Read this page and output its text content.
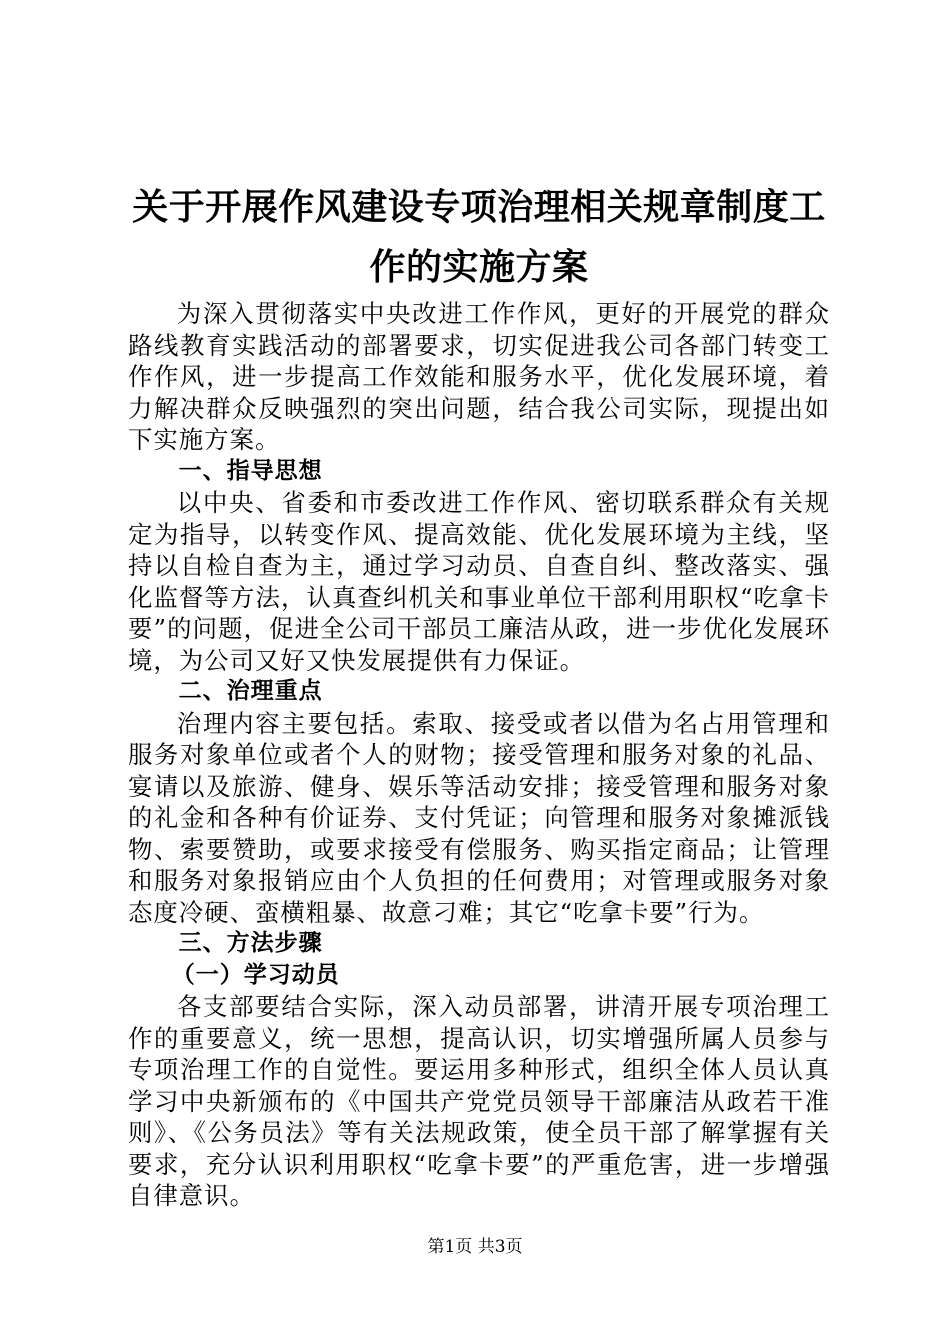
关于开展作风建设专项治理相关规章制度工作的实施方案

为深入贯彻落实中央改进工作作风，更好的开展党的群众路线教育实践活动的部署要求，切实促进我公司各部门转变工作作风，进一步提高工作效能和服务水平，优化发展环境，着力解决群众反映强烈的突出问题，结合我公司实际，现提出如下实施方案。

一、指导思想

以中央、省委和市委改进工作作风、密切联系群众有关规定为指导，以转变作风、提高效能、优化发展环境为主线，坚持以自检自查为主，通过学习动员、自查自纠、整改落实、强化监督等方法，认真查纠机关和事业单位干部利用职权“吃拿卡要”的问题，促进全公司干部员工廉洁从政，进一步优化发展环境，为公司又好又快发展提供有力保证。

二、治理重点

治理内容主要包括。索取、接受或者以借为名占用管理和服务对象单位或者个人的财物；接受管理和服务对象的礼品、宴请以及旅游、健身、娱乐等活动安排；接受管理和服务对象的礼金和各种有价证券、支付凭证；向管理和服务对象摊派钱物、索要赞助，或要求接受有偿服务、购买指定商品；让管理和服务对象报销应由个人负担的任何费用；对管理或服务对象态度冷硬、蛮横粗暴、故意刁难；其它“吃拿卡要”行为。

三、方法步骤
（一）学习动员

各支部要结合实际，深入动员部署，讲清开展专项治理工作的重要意义，统一思想，提高认识，切实增强所属人员参与专项治理工作的自觉性。要运用多种形式，组织全体人员认真学习中央新颁布的《中国共产党党员领导干部廉洁从政若干准则》、《公务员法》等有关法规政策，使全员干部了解掌握有关要求，充分认识利用职权“吃拿卡要”的严重危害，进一步增强自律意识。

第1页 共3页
